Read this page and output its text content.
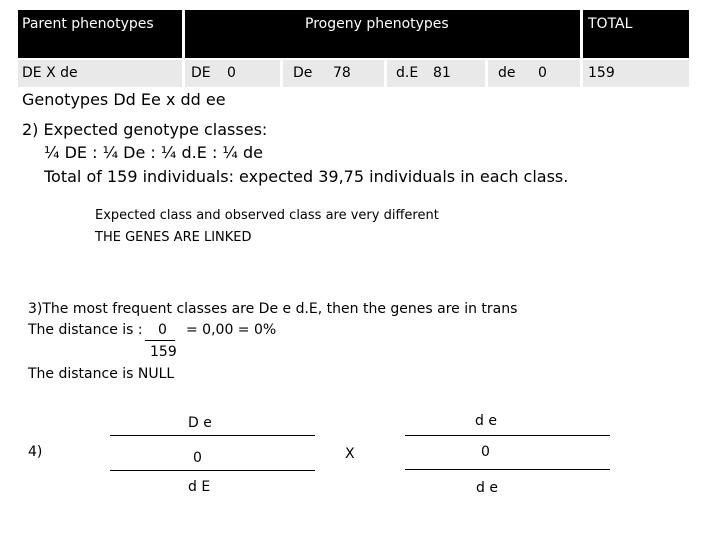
Parent phenotypes	Progeny phenotypes	TOTAL
DE X de	DE 0	De 78	d.E 81	de 0	159
Genotypes Dd Ee x dd ee
2) Expected genotype classes:
¼ DE : ¼ De : ¼ d.E : ¼ de
Total of 159 individuals: expected 39,75 individuals in each class.
Expected class and observed class are very different
THE GENES ARE LINKED
3)The most frequent classes are De e d.E, then the genes are in trans
The distance is : 0 = 0,00 = 0%
159
The distance is NULL
4)
D e
0
d E
X
d e
0
d e
